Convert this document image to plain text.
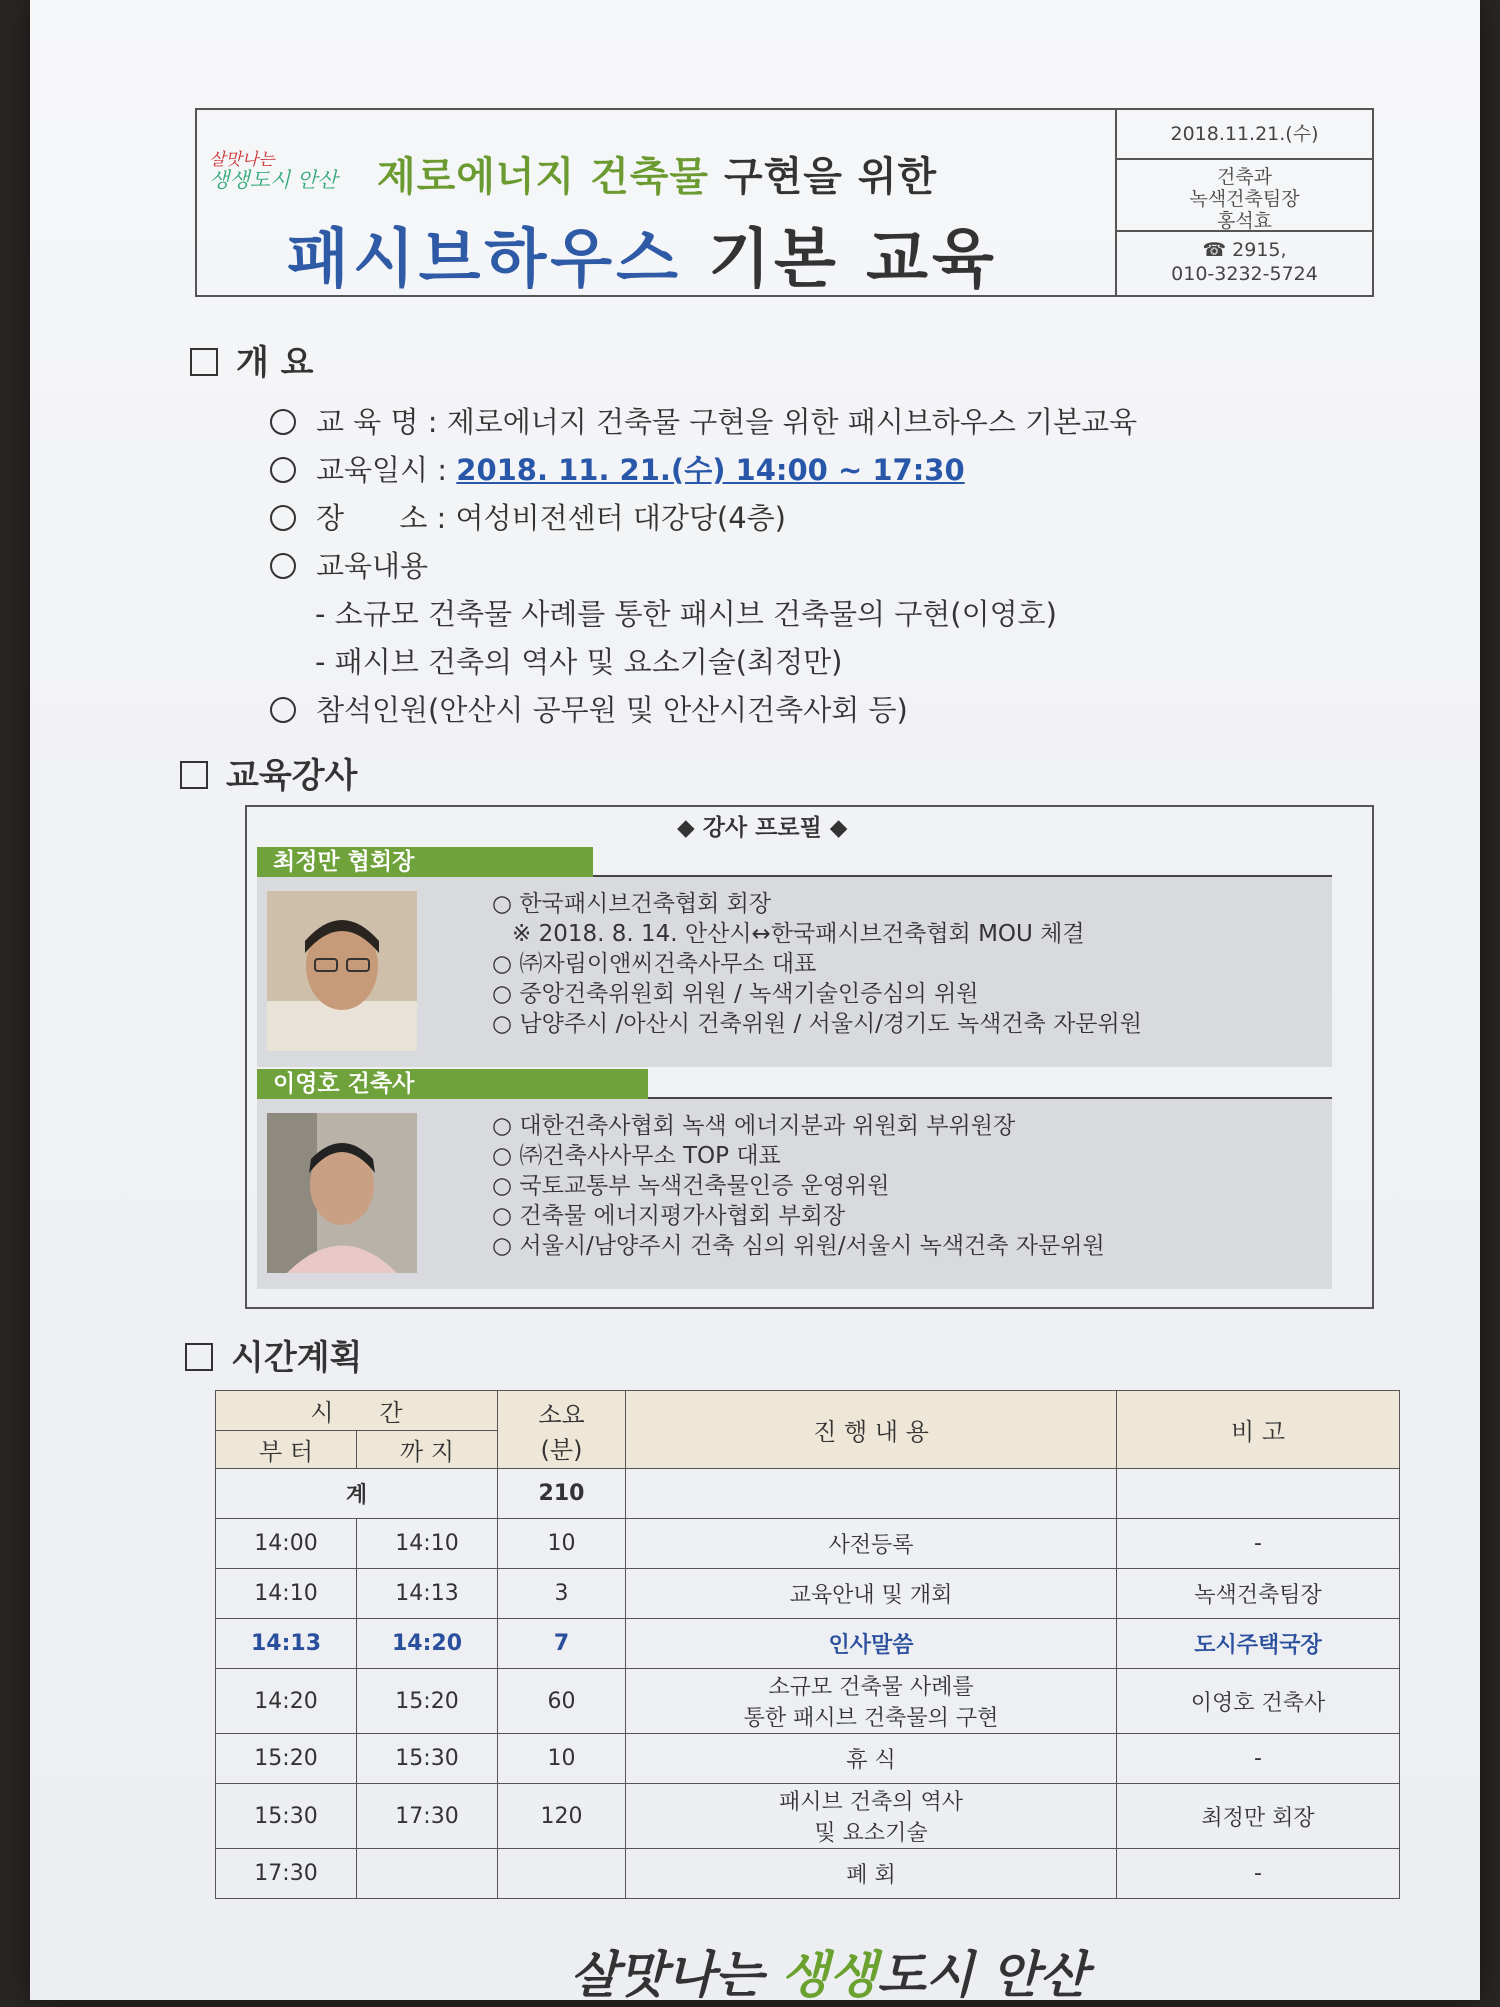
살맛나는
생생도시 안산 제로에너지 건축물 구현을 위한
패시브하우스 기본 교육
2018.11.21.(수)
건축과
녹색건축팀장
홍석효
☎ 2915,
010-3232-5724
개 요
교 육 명 : 제로에너지 건축물 구현을 위한 패시브하우스 기본교육
교육일시 : 2018. 11. 21.(수) 14:00 ~ 17:30
장      소 : 여성비전센터 대강당(4층)
교육내용
- 소규모 건축물 사례를 통한 패시브 건축물의 구현(이영호)
- 패시브 건축의 역사 및 요소기술(최정만)
참석인원(안산시 공무원 및 안산시건축사회 등)
교육강사
◆ 강사 프로필 ◆
최정만 협회장
○ 한국패시브건축협회 회장
※ 2018. 8. 14. 안산시↔한국패시브건축협회 MOU 체결
○ ㈜자림이앤씨건축사무소 대표
○ 중앙건축위원회 위원 / 녹색기술인증심의 위원
○ 남양주시 /아산시 건축위원 / 서울시/경기도 녹색건축 자문위원
이영호 건축사
○ 대한건축사협회 녹색 에너지분과 위원회 부위원장
○ ㈜건축사사무소 TOP 대표
○ 국토교통부 녹색건축물인증 운영위원
○ 건축물 에너지평가사협회 부회장
○ 서울시/남양주시 건축 심의 위원/서울시 녹색건축 자문위원
시간계획
시      간		소요
(분)	진 행 내 용	비 고
부 터	까 지			
계		210		
14:00	14:10	10	사전등록	-
14:10	14:13	3	교육안내 및 개회	녹색건축팀장
14:13	14:20	7	인사말씀	도시주택국장
14:20	15:20	60	소규모 건축물 사례를
통한 패시브 건축물의 구현	이영호 건축사
15:20	15:30	10	휴 식	-
15:30	17:30	120	패시브 건축의 역사
및 요소기술	최정만 회장
17:30			폐 회	-
살맛나는 생생도시 안산
